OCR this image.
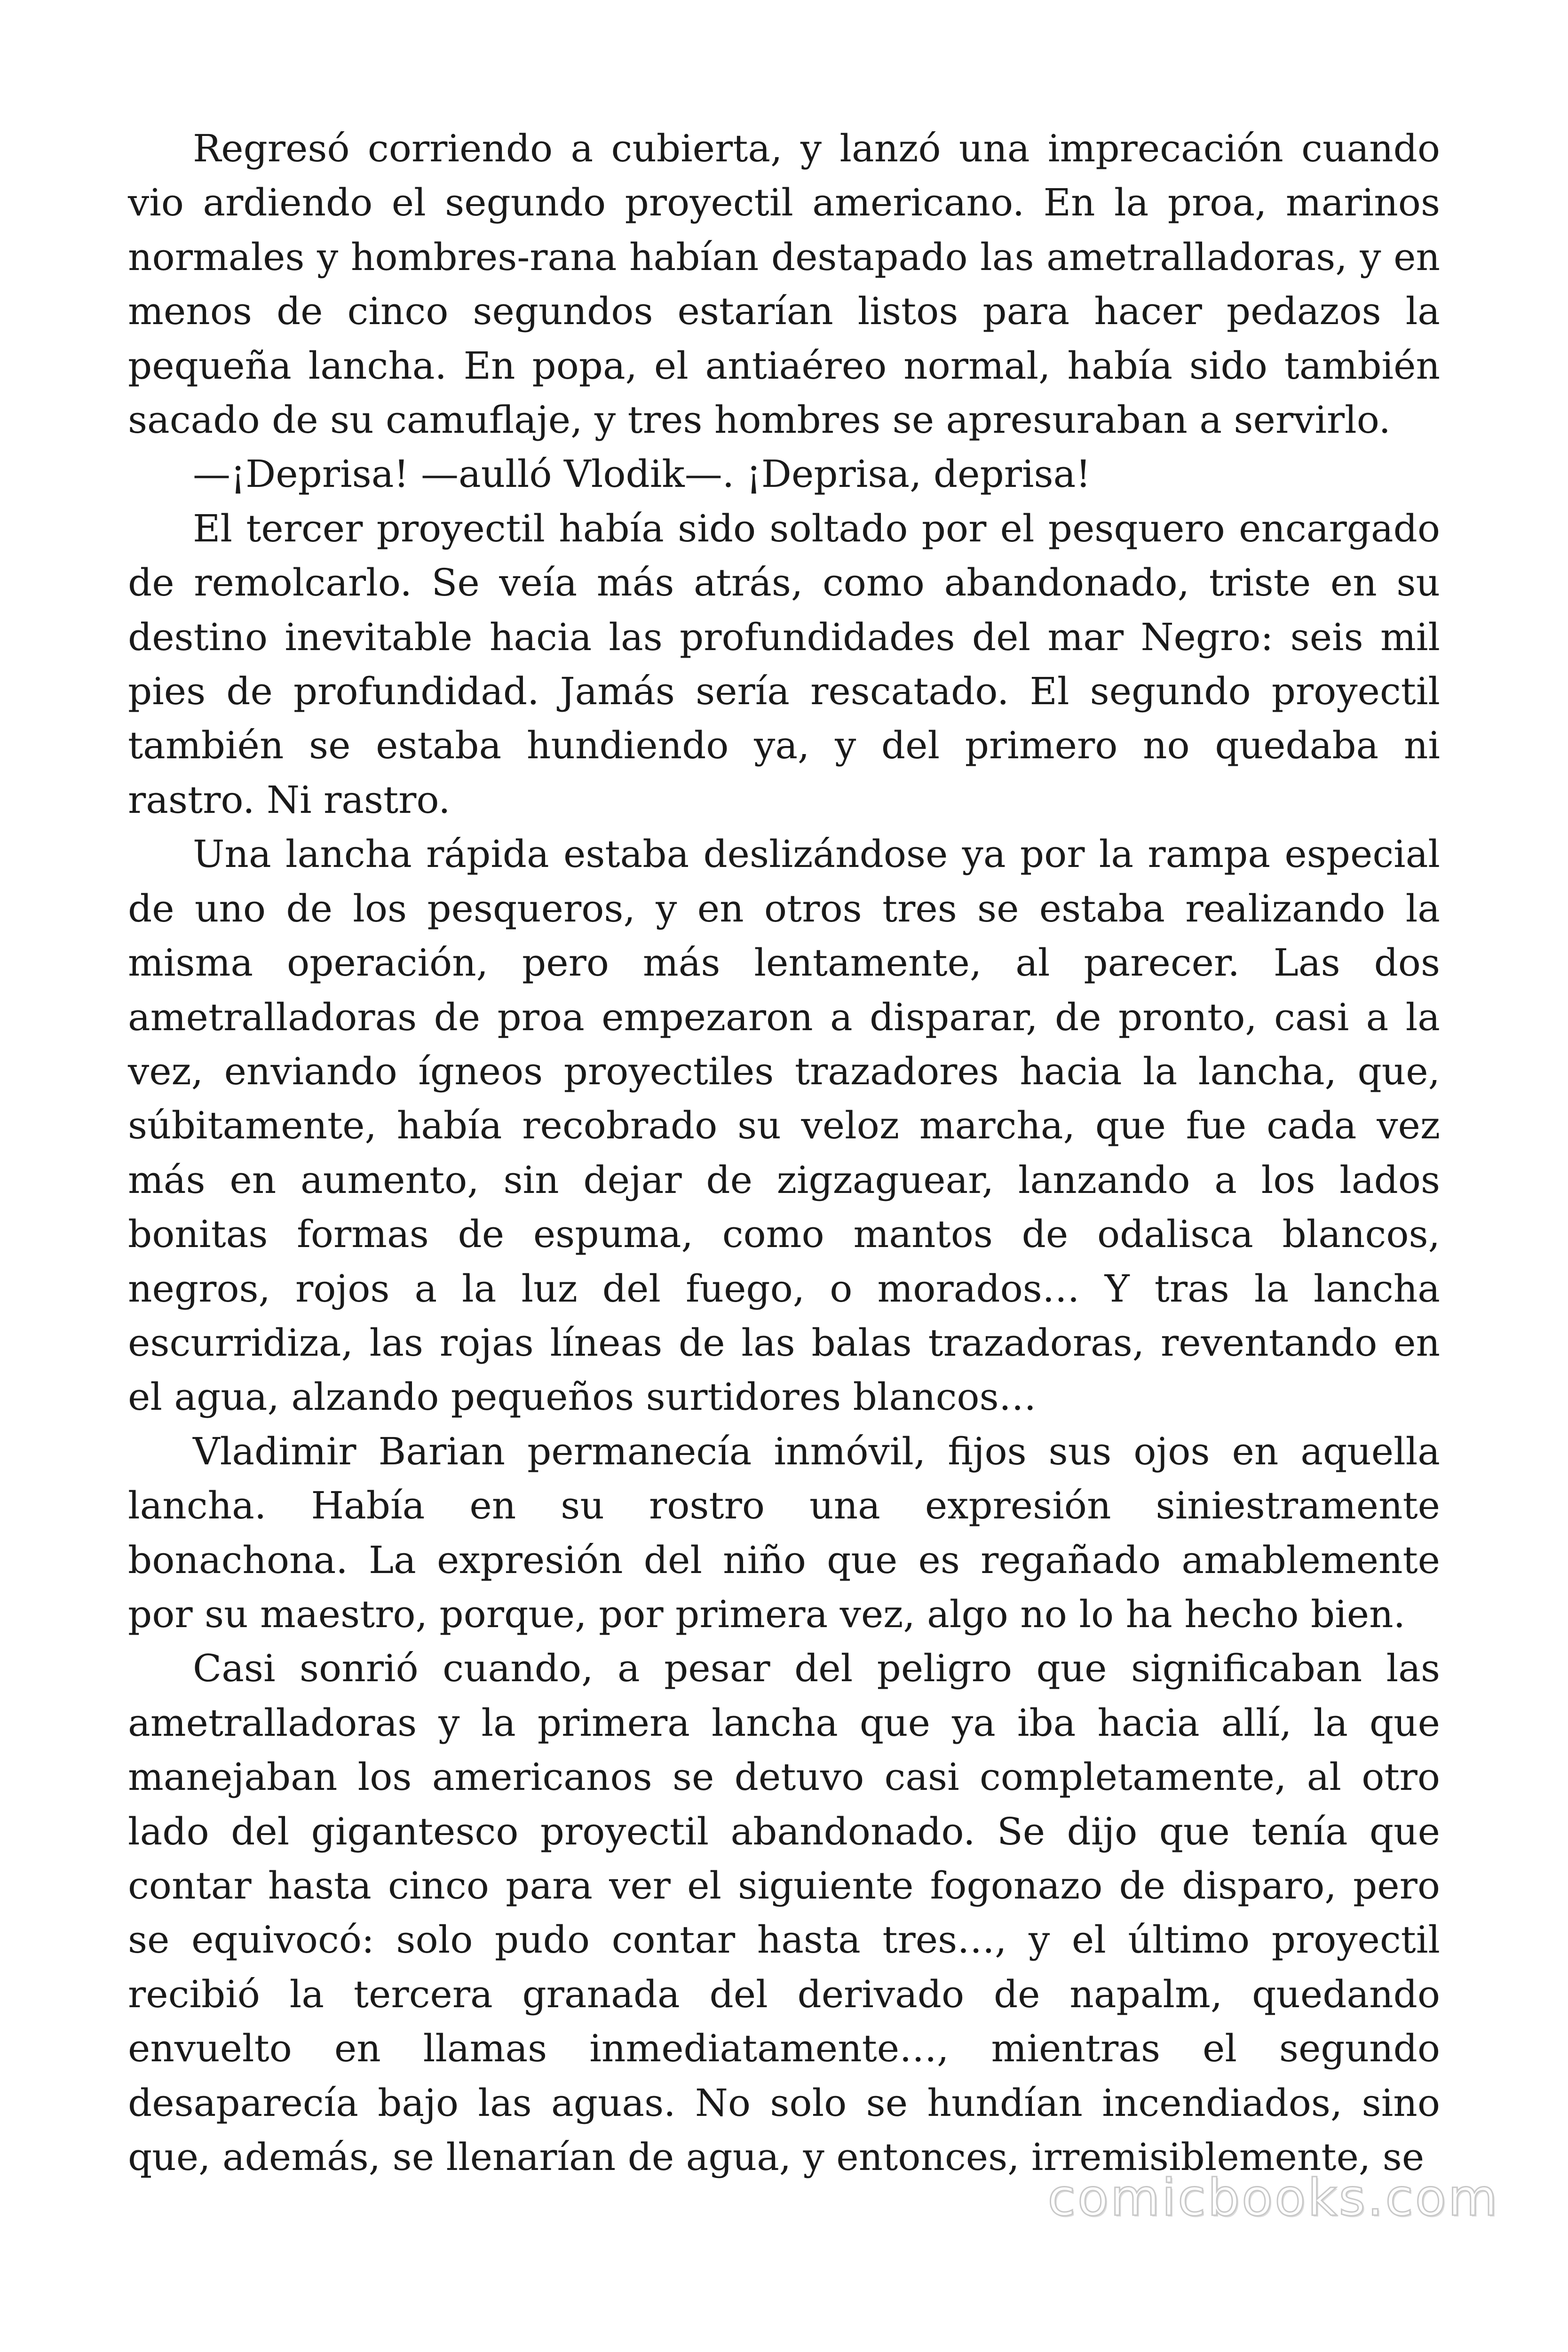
Regresó corriendo a cubierta, y lanzó una imprecación cuando vio ardiendo el segundo proyectil americano. En la proa, marinos normales y hombres-rana habían destapado las ametralladoras, y en menos de cinco segundos estarían listos para hacer pedazos la pequeña lancha. En popa, el antiaéreo normal, había sido también sacado de su camuflaje, y tres hombres se apresuraban a servirlo.

—¡Deprisa! —aulló Vlodik—. ¡Deprisa, deprisa!

El tercer proyectil había sido soltado por el pesquero encargado de remolcarlo. Se veía más atrás, como abandonado, triste en su destino inevitable hacia las profundidades del mar Negro: seis mil pies de profundidad. Jamás sería rescatado. El segundo proyectil también se estaba hundiendo ya, y del primero no quedaba ni rastro. Ni rastro.

Una lancha rápida estaba deslizándose ya por la rampa especial de uno de los pesqueros, y en otros tres se estaba realizando la misma operación, pero más lentamente, al parecer. Las dos ametralladoras de proa empezaron a disparar, de pronto, casi a la vez, enviando ígneos proyectiles trazadores hacia la lancha, que, súbitamente, había recobrado su veloz marcha, que fue cada vez más en aumento, sin dejar de zigzaguear, lanzando a los lados bonitas formas de espuma, como mantos de odalisca blancos, negros, rojos a la luz del fuego, o morados… Y tras la lancha escurridiza, las rojas líneas de las balas trazadoras, reventando en el agua, alzando pequeños surtidores blancos…

Vladimir Barian permanecía inmóvil, fijos sus ojos en aquella lancha. Había en su rostro una expresión siniestramente bonachona. La expresión del niño que es regañado amablemente por su maestro, porque, por primera vez, algo no lo ha hecho bien.

Casi sonrió cuando, a pesar del peligro que significaban las ametralladoras y la primera lancha que ya iba hacia allí, la que manejaban los americanos se detuvo casi completamente, al otro lado del gigantesco proyectil abandonado. Se dijo que tenía que contar hasta cinco para ver el siguiente fogonazo de disparo, pero se equivocó: solo pudo contar hasta tres…, y el último proyectil recibió la tercera granada del derivado de napalm, quedando envuelto en llamas inmediatamente…, mientras el segundo desaparecía bajo las aguas. No solo se hundían incendiados, sino que, además, se llenarían de agua, y entonces, irremisiblemente, se

comicbooks.com
